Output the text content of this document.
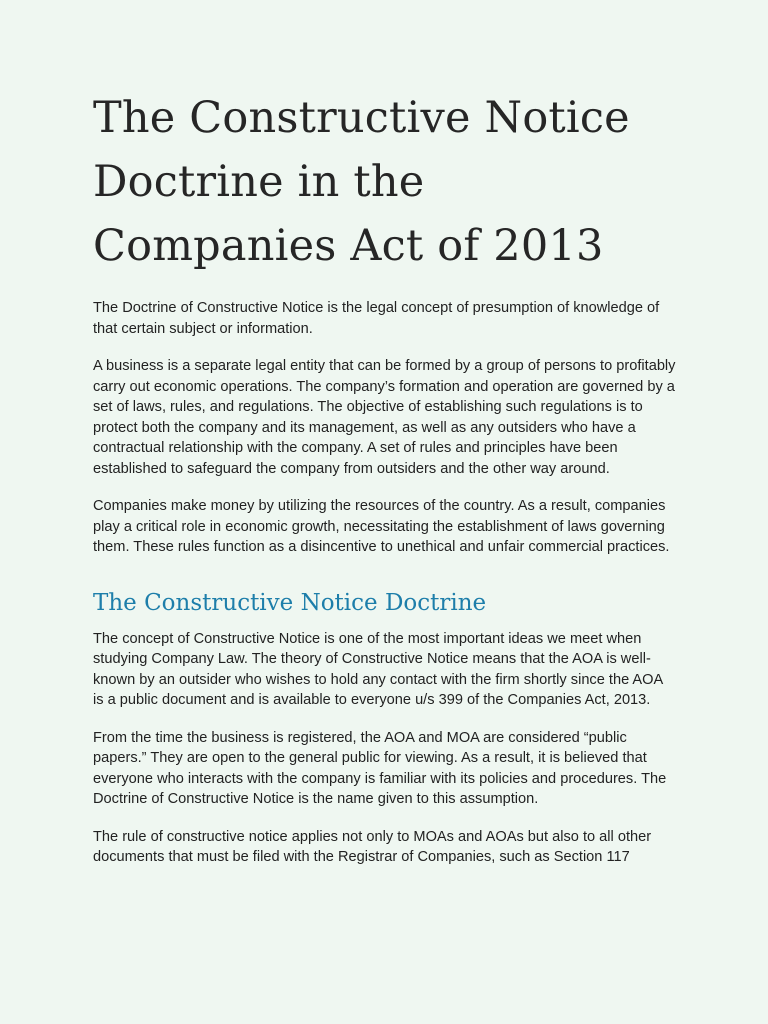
The Constructive Notice Doctrine in the Companies Act of 2013

The Doctrine of Constructive Notice is the legal concept of presumption of knowledge of that certain subject or information.

A business is a separate legal entity that can be formed by a group of persons to profitably carry out economic operations. The company’s formation and operation are governed by a set of laws, rules, and regulations. The objective of establishing such regulations is to protect both the company and its management, as well as any outsiders who have a contractual relationship with the company. A set of rules and principles have been established to safeguard the company from outsiders and the other way around.

Companies make money by utilizing the resources of the country. As a result, companies play a critical role in economic growth, necessitating the establishment of laws governing them. These rules function as a disincentive to unethical and unfair commercial practices.

The Constructive Notice Doctrine

The concept of Constructive Notice is one of the most important ideas we meet when studying Company Law. The theory of Constructive Notice means that the AOA is well-known by an outsider who wishes to hold any contact with the firm shortly since the AOA is a public document and is available to everyone u/s 399 of the Companies Act, 2013.

From the time the business is registered, the AOA and MOA are considered “public papers.” They are open to the general public for viewing. As a result, it is believed that everyone who interacts with the company is familiar with its policies and procedures. The Doctrine of Constructive Notice is the name given to this assumption.

The rule of constructive notice applies not only to MOAs and AOAs but also to all other documents that must be filed with the Registrar of Companies, such as Section 117
